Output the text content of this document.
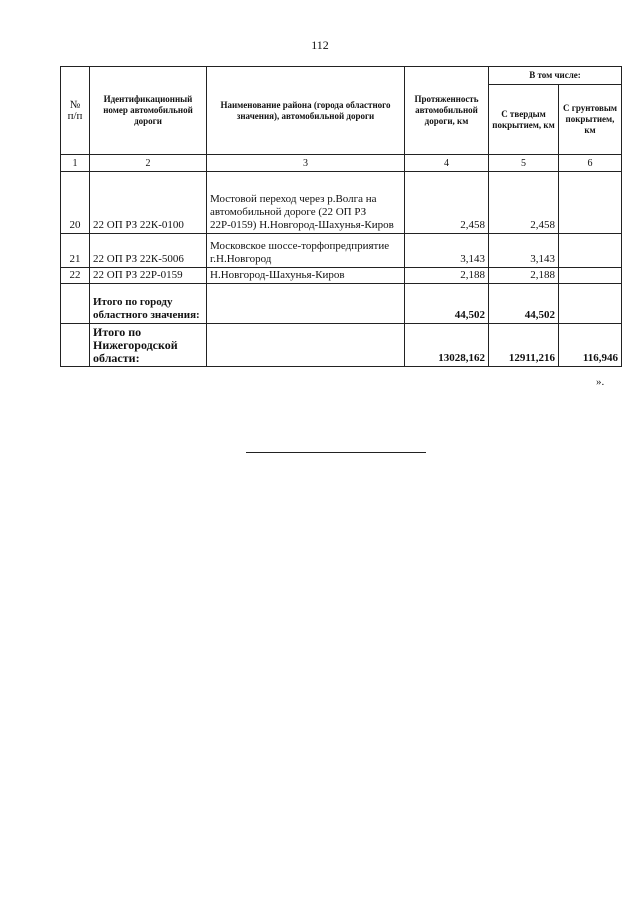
112
№ п/п	Идентификационный номер автомобильной дороги	Наименование района (города областного значения), автомобильной дороги	Протяженность автомобильной дороги, км	В том числе:	
				С твердым покрытием, км	С грунтовым покрытием, км
1	2	3	4	5	6
20	22 ОП РЗ 22К-0100	Мостовой переход через р.Волга на автомобильной дороге (22 ОП РЗ 22Р-0159) Н.Новгород-Шахунья-Киров	2,458	2,458	
21	22 ОП РЗ 22К-5006	Московское шоссе-торфопредприятие г.Н.Новгород	3,143	3,143	
22	22 ОП РЗ 22Р-0159	Н.Новгород-Шахунья-Киров	2,188	2,188	
	Итого по городу областного значения:		44,502	44,502	
	Итого по Нижегородской области:		13028,162	12911,216	116,946
».
